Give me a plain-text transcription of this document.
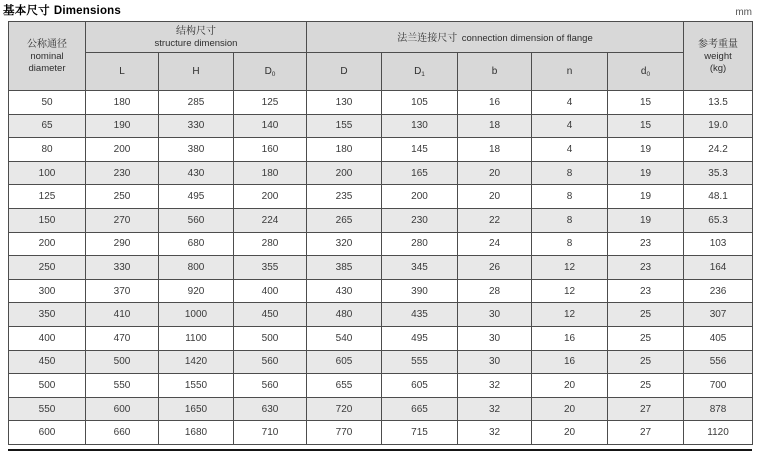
基本尺寸 Dimensions	mm
公称通径
nominal
diameter

结构尺寸
structure dimension	法兰连接尺寸 connection dimension of flange	
参考重量
weight
(kg)

	L	H	$D_0$	D	$D_1$	b	n	$d_0$
50	180	285	125	130	105	16	4	15	13.5
65	190	330	140	155	130	18	4	15	19.0
80	200	380	160	180	145	18	4	19	24.2
100	230	430	180	200	165	20	8	19	35.3
125	250	495	200	235	200	20	8	19	48.1
150	270	560	224	265	230	22	8	19	65.3
200	290	680	280	320	280	24	8	23	103
250	330	800	355	385	345	26	12	23	164
300	370	920	400	430	390	28	12	23	236
350	410	1000	450	480	435	30	12	25	307
400	470	1100	500	540	495	30	16	25	405
450	500	1420	560	605	555	30	16	25	556
500	550	1550	560	655	605	32	20	25	700
550	600	1650	630	720	665	32	20	27	878
600	660	1680	710	770	715	32	20	27	1120
